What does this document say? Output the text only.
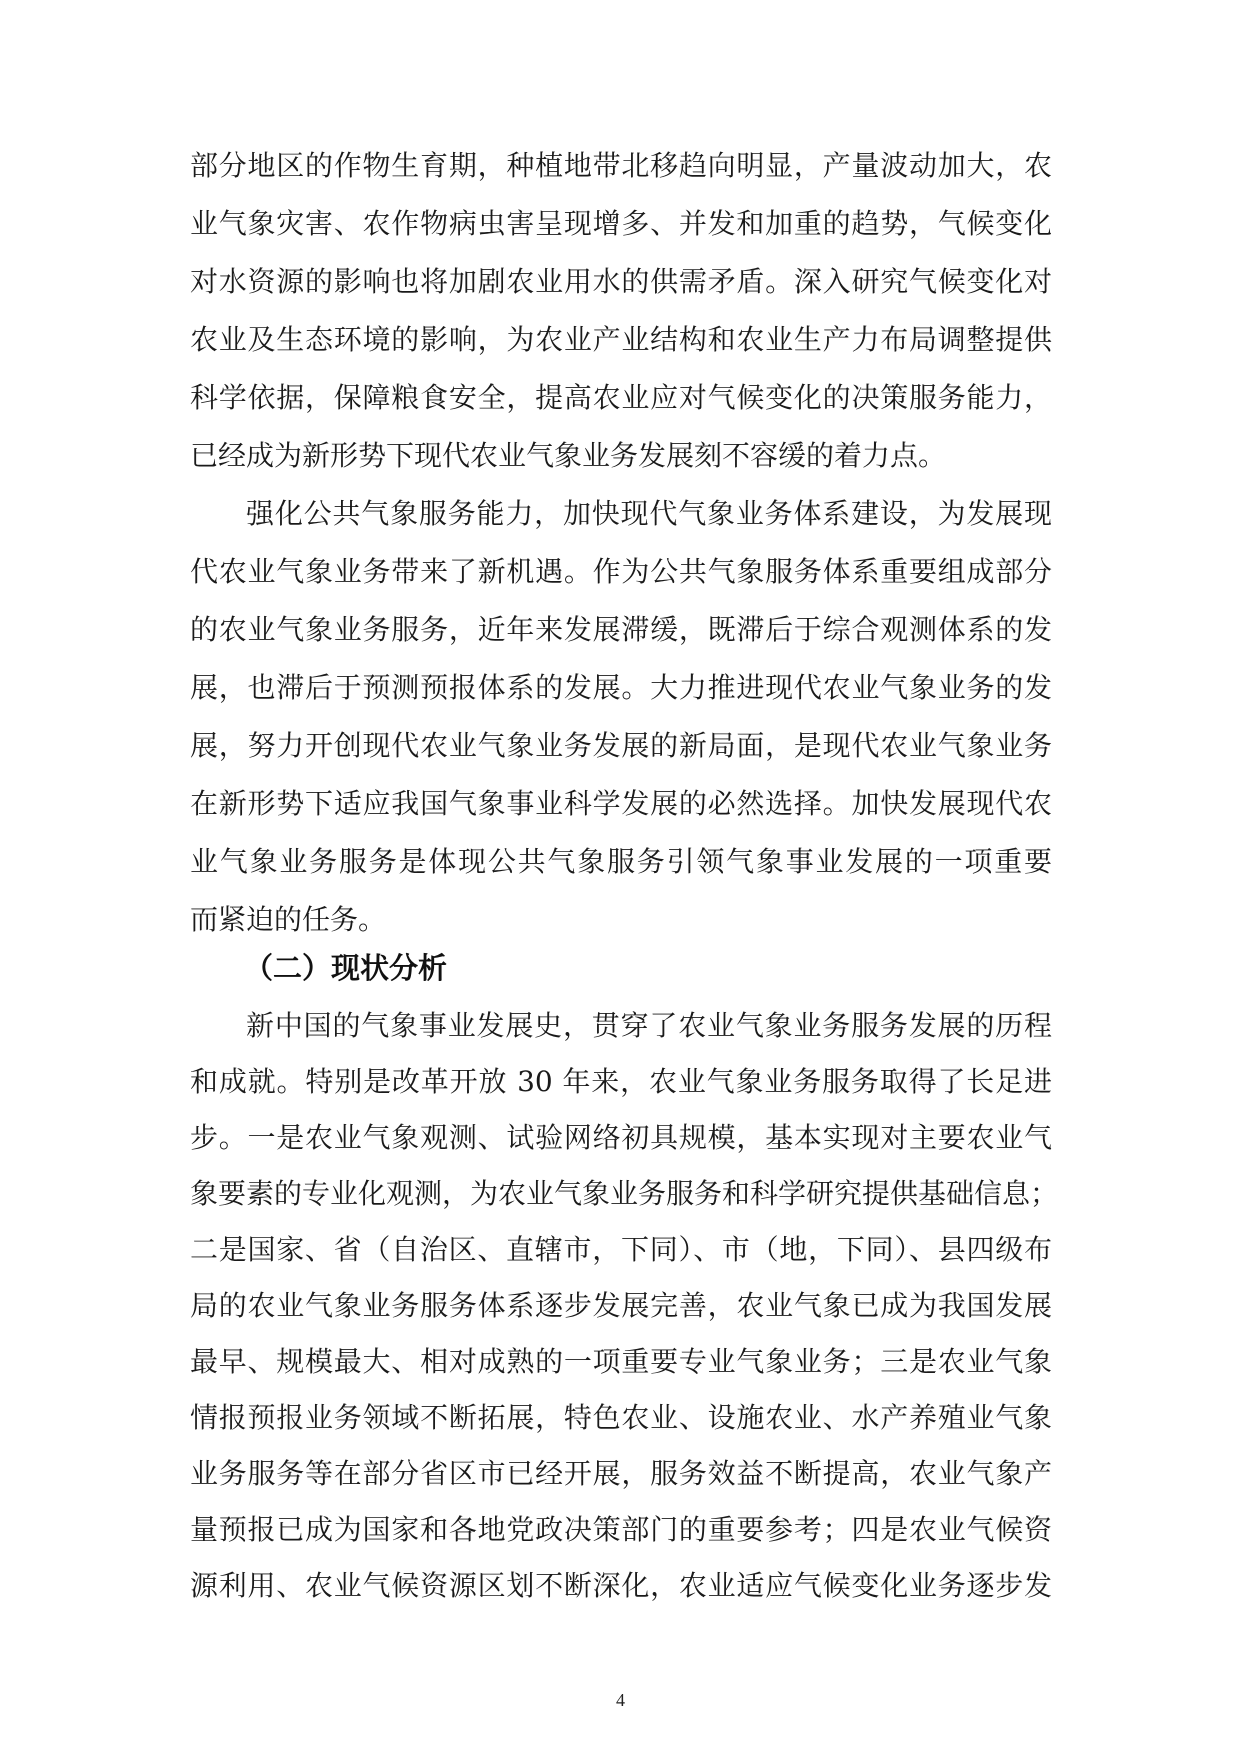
部分地区的作物生育期，种植地带北移趋向明显，产量波动加大，农
业气象灾害、农作物病虫害呈现增多、并发和加重的趋势，气候变化
对水资源的影响也将加剧农业用水的供需矛盾。深入研究气候变化对
农业及生态环境的影响，为农业产业结构和农业生产力布局调整提供
科学依据，保障粮食安全，提高农业应对气候变化的决策服务能力，
已经成为新形势下现代农业气象业务发展刻不容缓的着力点。
强化公共气象服务能力，加快现代气象业务体系建设，为发展现
代农业气象业务带来了新机遇。作为公共气象服务体系重要组成部分
的农业气象业务服务，近年来发展滞缓，既滞后于综合观测体系的发
展，也滞后于预测预报体系的发展。大力推进现代农业气象业务的发
展，努力开创现代农业气象业务发展的新局面，是现代农业气象业务
在新形势下适应我国气象事业科学发展的必然选择。加快发展现代农
业气象业务服务是体现公共气象服务引领气象事业发展的一项重要
（二）现状分析
新中国的气象事业发展史，贯穿了农业气象业务服务发展的历程
和成就。特别是改革开放 30 年来，农业气象业务服务取得了长足进
步。一是农业气象观测、试验网络初具规模，基本实现对主要农业气
象要素的专业化观测，为农业气象业务服务和科学研究提供基础信息；
二是国家、省（自治区、直辖市，下同）、市（地，下同）、县四级布
局的农业气象业务服务体系逐步发展完善，农业气象已成为我国发展
最早、规模最大、相对成熟的一项重要专业气象业务；三是农业气象
情报预报业务领域不断拓展，特色农业、设施农业、水产养殖业气象
业务服务等在部分省区市已经开展，服务效益不断提高，农业气象产
量预报已成为国家和各地党政决策部门的重要参考；四是农业气候资
源利用、农业气候资源区划不断深化，农业适应气候变化业务逐步发
4
而紧迫的任务。
